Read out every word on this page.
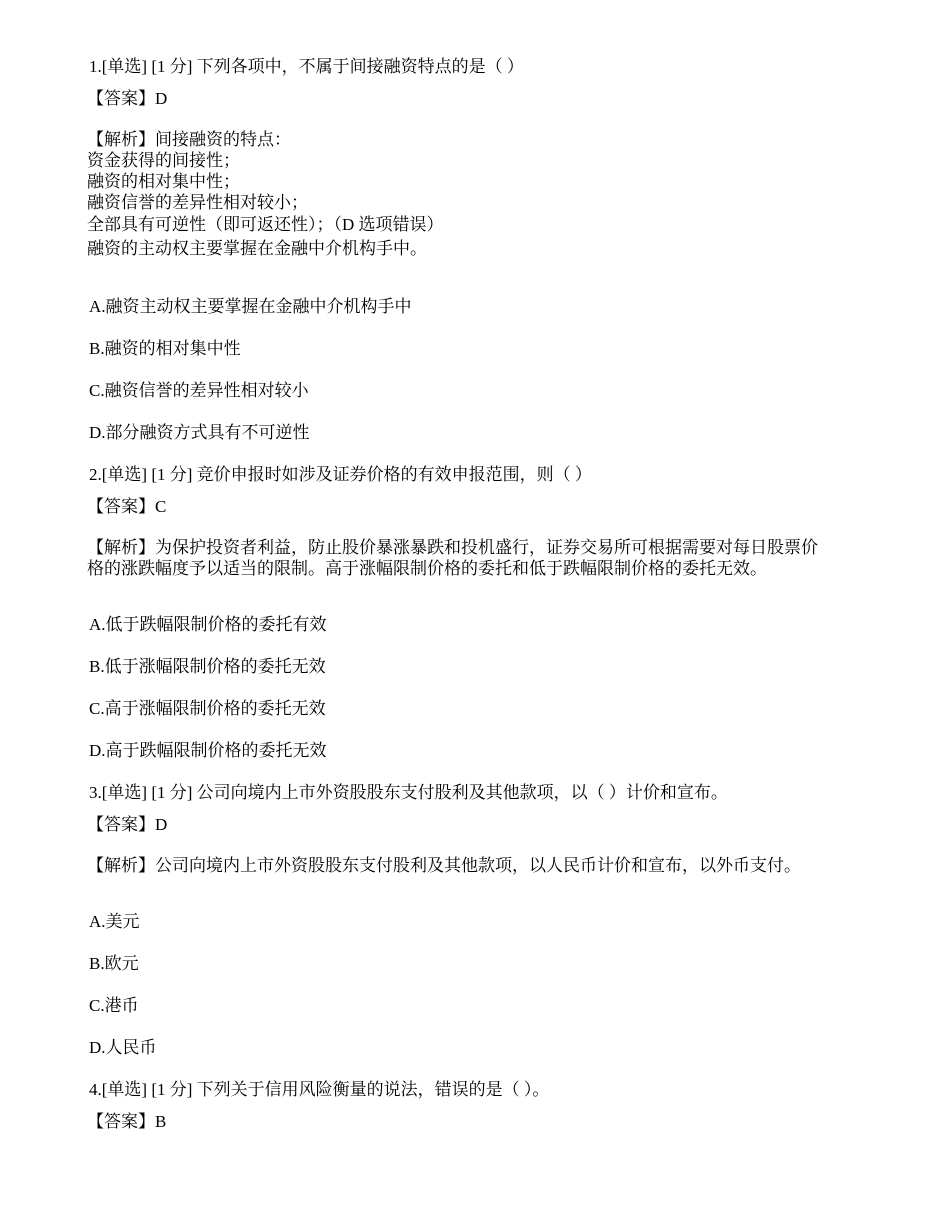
1.[单选] [1 分] 下列各项中，不属于间接融资特点的是（ ）
【答案】D
【解析】间接融资的特点：
资金获得的间接性；
融资的相对集中性；
融资信誉的差异性相对较小；
全部具有可逆性（即可返还性）；（D 选项错误）
融资的主动权主要掌握在金融中介机构手中。
A.融资主动权主要掌握在金融中介机构手中
B.融资的相对集中性
C.融资信誉的差异性相对较小
D.部分融资方式具有不可逆性
2.[单选] [1 分] 竞价申报时如涉及证券价格的有效申报范围，则（ ）
【答案】C
【解析】为保护投资者利益，防止股价暴涨暴跌和投机盛行，证券交易所可根据需要对每日股票价
格的涨跌幅度予以适当的限制。高于涨幅限制价格的委托和低于跌幅限制价格的委托无效。
A.低于跌幅限制价格的委托有效
B.低于涨幅限制价格的委托无效
C.高于涨幅限制价格的委托无效
D.高于跌幅限制价格的委托无效
3.[单选] [1 分] 公司向境内上市外资股股东支付股利及其他款项，以（ ）计价和宣布。
【答案】D
【解析】公司向境内上市外资股股东支付股利及其他款项，以人民币计价和宣布，以外币支付。
A.美元
B.欧元
C.港币
D.人民币
4.[单选] [1 分] 下列关于信用风险衡量的说法，错误的是（ ）。
【答案】B
